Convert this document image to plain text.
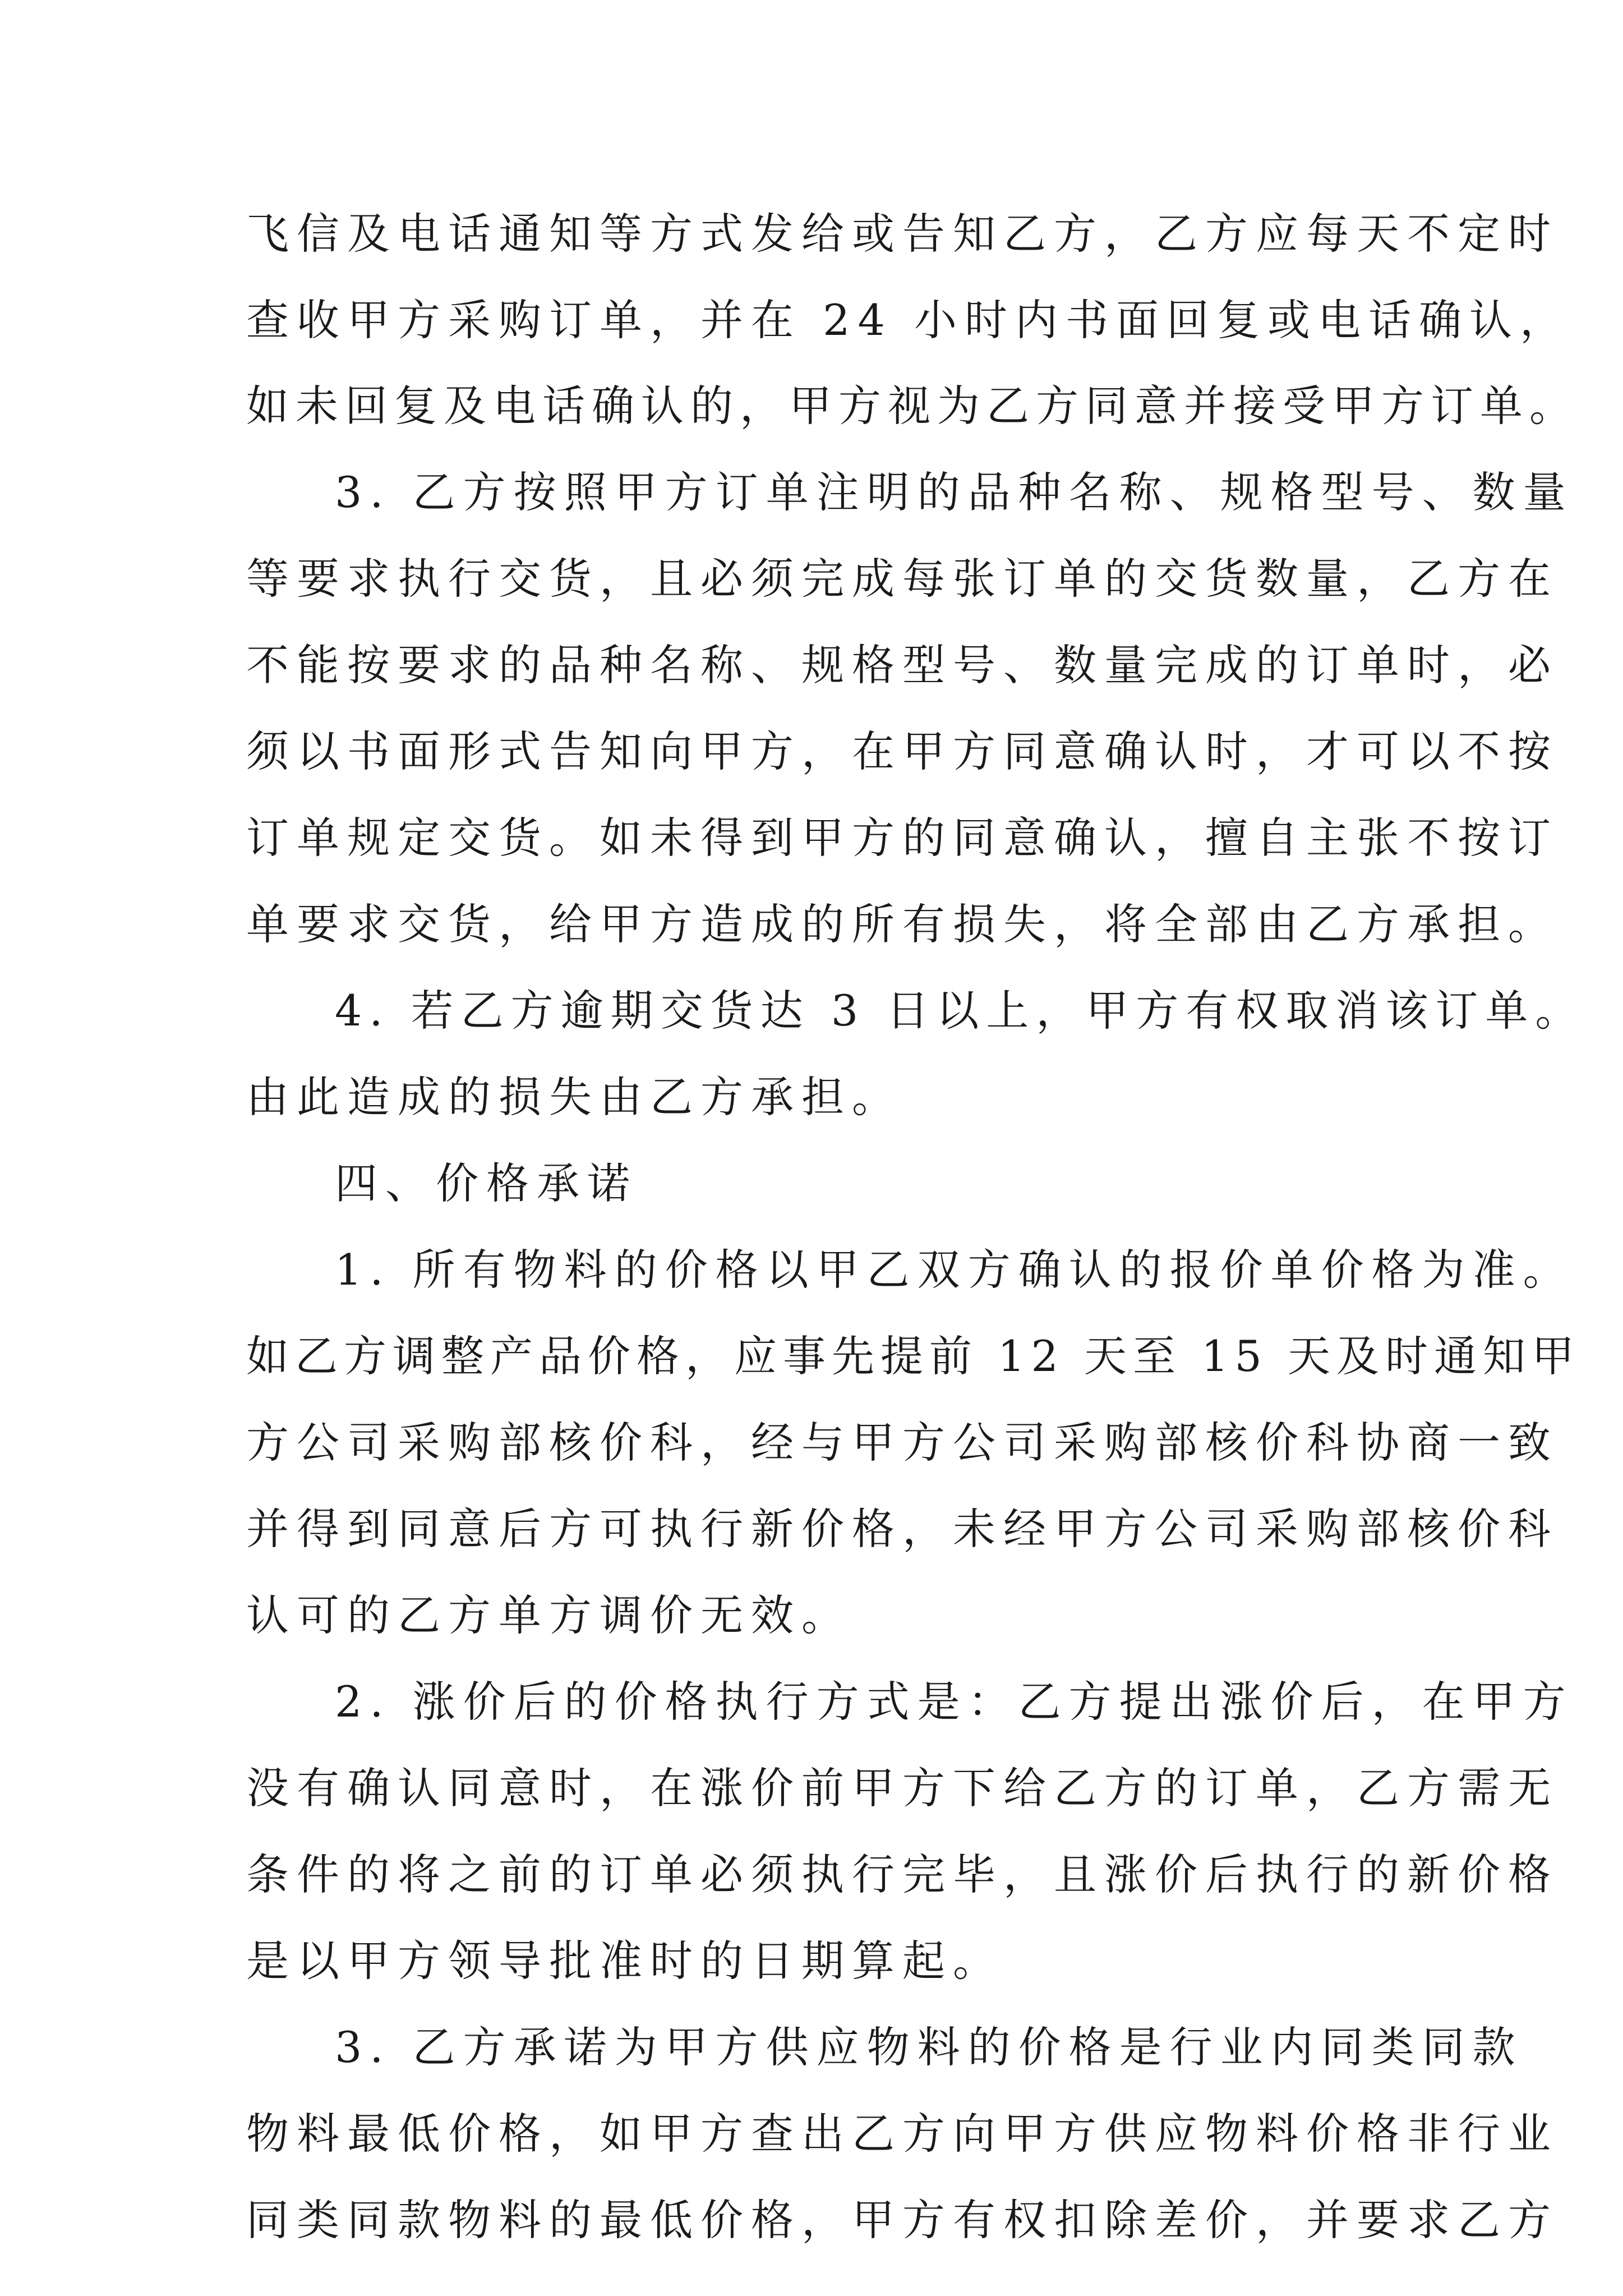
飞信及电话通知等方式发给或告知乙方，乙方应每天不定时

查收甲方采购订单，并在 24 小时内书面回复或电话确认，

如未回复及电话确认的，甲方视为乙方同意并接受甲方订单。

3. 乙方按照甲方订单注明的品种名称、规格型号、数量

等要求执行交货，且必须完成每张订单的交货数量，乙方在

不能按要求的品种名称、规格型号、数量完成的订单时，必

须以书面形式告知向甲方，在甲方同意确认时，才可以不按

订单规定交货。如未得到甲方的同意确认，擅自主张不按订

单要求交货，给甲方造成的所有损失，将全部由乙方承担。

4. 若乙方逾期交货达 3 日以上，甲方有权取消该订单。

由此造成的损失由乙方承担。

四、价格承诺

1. 所有物料的价格以甲乙双方确认的报价单价格为准。

如乙方调整产品价格，应事先提前 12 天至 15 天及时通知甲

方公司采购部核价科，经与甲方公司采购部核价科协商一致

并得到同意后方可执行新价格，未经甲方公司采购部核价科

认可的乙方单方调价无效。

2. 涨价后的价格执行方式是：乙方提出涨价后，在甲方

没有确认同意时，在涨价前甲方下给乙方的订单，乙方需无

条件的将之前的订单必须执行完毕，且涨价后执行的新价格

是以甲方领导批准时的日期算起。

3. 乙方承诺为甲方供应物料的价格是行业内同类同款

物料最低价格，如甲方查出乙方向甲方供应物料价格非行业

同类同款物料的最低价格，甲方有权扣除差价，并要求乙方
